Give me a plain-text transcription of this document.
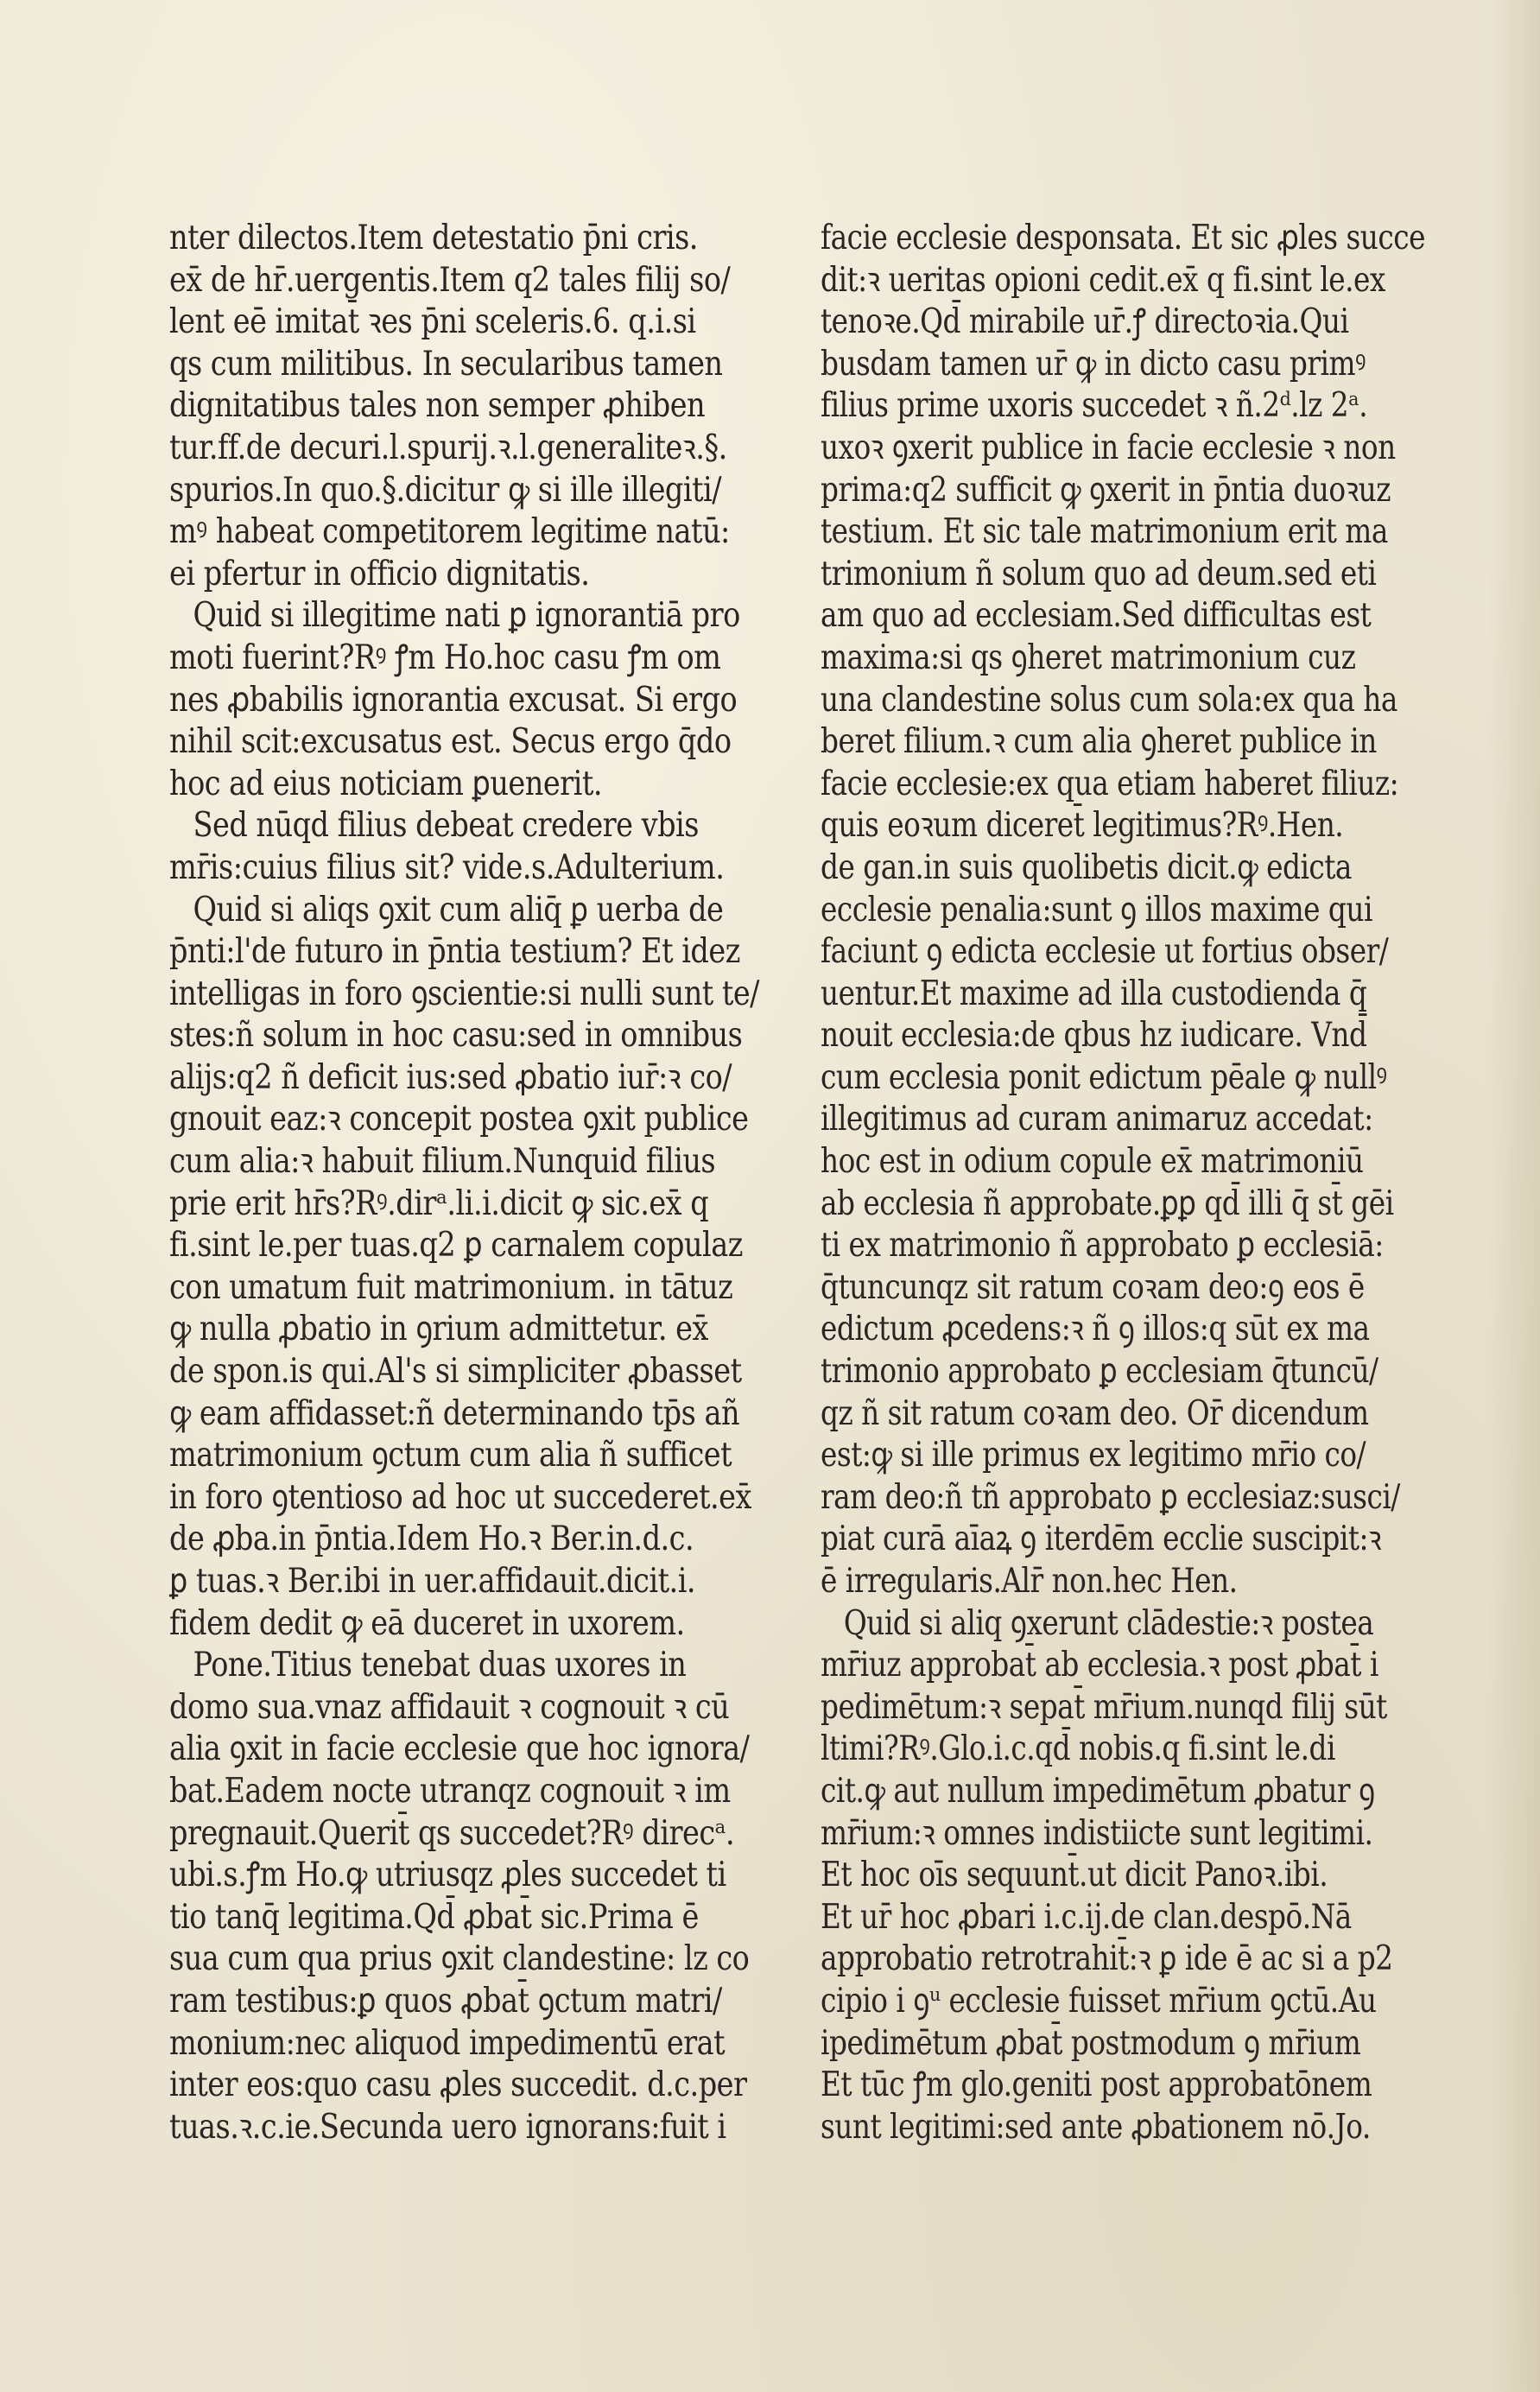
nter dilectos.Item detestatio p̄ni cris.
ex̄ de hr̄.uergentis.Item q2 tales filij so/
lent eē imitat̄ ꝛes p̄ni sceleris.6. q.i.si
qs cum militibus. In secularibus tamen
dignitatibus tales non semper ꝓhiben
tur.ff.de decuri.l.spurij.ꝛ.l.generaliteꝛ.§.
spurios.In quo.§.dicitur ꝙ si ille illegiti/
mꝰ habeat competitorem legitime natū:
ei pfertur in officio dignitatis.
Quid si illegitime nati ꝑ ignorantiā pro
moti fuerint?Rꝰ ꝭm Ho.hoc casu ꝭm om
nes ꝓbabilis ignorantia excusat. Si ergo
nihil scit:excusatus est. Secus ergo q̄do
hoc ad eius noticiam ꝑuenerit.
Sed nūqd filius debeat credere vbis
mr̄is:cuius filius sit? vide.s.Adulterium.
Quid si aliqs ꝯxit cum aliq̄ ꝑ uerba de
p̄nti:l'de futuro in p̄ntia testium? Et idez
intelligas in foro ꝯscientie:si nulli sunt te/
stes:ñ solum in hoc casu:sed in omnibus
alijs:q2 ñ deficit ius:sed ꝓbatio iur̄:ꝛ co/
gnouit eaz:ꝛ concepit postea ꝯxit publice
cum alia:ꝛ habuit filium.Nunquid filius
prie erit hr̄s?Rꝰ.dirᵃ.li.i.dicit ꝙ sic.ex̄ q
fi.sint le.per tuas.q2 ꝑ carnalem copulaz
con umatum fuit matrimonium. in tātuz
ꝙ nulla ꝓbatio in ꝯrium admittetur. ex̄
de spon.is qui.Al's si simpliciter ꝓbasset
ꝙ eam affidasset:ñ determinando tp̄s añ
matrimonium ꝯctum cum alia ñ sufficet
in foro ꝯtentioso ad hoc ut succederet.ex̄
de ꝓba.in p̄ntia.Idem Ho.ꝛ Ber.in.d.c.
ꝑ tuas.ꝛ Ber.ibi in uer.affidauit.dicit.i.
fidem dedit ꝙ eā duceret in uxorem.
Pone.Titius tenebat duas uxores in
domo sua.vnaz affidauit ꝛ cognouit ꝛ cū
alia ꝯxit in facie ecclesie que hoc ignora/
bat.Eadem nocte utranqz cognouit ꝛ im
pregnauit.Querit̄ qs succedet?Rꝰ direcᵃ.
ubi.s.ꝭm Ho.ꝙ utriusqz ꝓles succedet ti
tio tanq̄ legitima.Qd̄ ꝓbat̄ sic.Prima ē
sua cum qua prius ꝯxit clandestine: lz co
ram testibus:ꝑ quos ꝓbat̄ ꝯctum matri/
monium:nec aliquod impedimentū erat
inter eos:quo casu ꝓles succedit. d.c.per
tuas.ꝛ.c.ie.Secunda uero ignorans:fuit i
facie ecclesie desponsata. Et sic ꝓles succe
dit:ꝛ ueritas opioni cedit.ex̄ q fi.sint le.ex
tenoꝛe.Qd̄ mirabile ur̄.ꝭ directoꝛia.Qui
busdam tamen ur̄ ꝙ in dicto casu primꝰ
filius prime uxoris succedet ꝛ ñ.2ᵈ.lz 2ᵃ.
uxoꝛ ꝯxerit publice in facie ecclesie ꝛ non
prima:q2 sufficit ꝙ ꝯxerit in p̄ntia duoꝛuz
testium. Et sic tale matrimonium erit ma
trimonium ñ solum quo ad deum.sed eti
am quo ad ecclesiam.Sed difficultas est
maxima:si qs ꝯheret matrimonium cuz
una clandestine solus cum sola:ex qua ha
beret filium.ꝛ cum alia ꝯheret publice in
facie ecclesie:ex qua etiam haberet filiuz:
quis eoꝛum diceret̄ legitimus?Rꝰ.Hen.
de gan.in suis quolibetis dicit.ꝙ edicta
ecclesie penalia:sunt ꝯ illos maxime qui
faciunt ꝯ edicta ecclesie ut fortius obser/
uentur.Et maxime ad illa custodienda q̄
nouit ecclesia:de qbus hz iudicare. Vnd̄
cum ecclesia ponit edictum pēale ꝙ nullꝰ
illegitimus ad curam animaruz accedat:
hoc est in odium copule ex̄ matrimoniū
ab ecclesia ñ approbate.ꝑꝑ qd̄ illi q̄ st̄ gēi
ti ex matrimonio ñ approbato ꝑ ecclesiā:
q̄tuncunqz sit ratum coꝛam deo:ꝯ eos ē
edictum ꝓcedens:ꝛ ñ ꝯ illos:q sūt ex ma
trimonio approbato ꝑ ecclesiam q̄tuncū/
qz ñ sit ratum coꝛam deo. Or̄ dicendum
est:ꝙ si ille primus ex legitimo mr̄io co/
ram deo:ñ tñ approbato ꝑ ecclesiaz:susci/
piat curā aīaꝝ ꝯ iterdēm ecclie suscipit:ꝛ
ē irregularis.Alr̄ non.hec Hen.
Quid si aliq ꝯxerunt clādestie:ꝛ postea
mr̄iuz approbat̄ ab ecclesia.ꝛ post ꝓbat̄ i
pedimētum:ꝛ sepat̄ mr̄ium.nunqd filij sūt
ltimi?Rꝰ.Glo.i.c.qd̄ nobis.q fi.sint le.di
cit.ꝙ aut nullum impedimētum ꝓbatur ꝯ
mr̄ium:ꝛ omnes indistiicte sunt legitimi.
Et hoc oīs sequunt̄.ut dicit Panoꝛ.ibi.
Et ur̄ hoc ꝓbari i.c.ij.de clan.despō.Nā
approbatio retrotrahit̄:ꝛ ꝑ ide ē ac si a p2
cipio i ꝯᵘ ecclesie fuisset mr̄ium ꝯctū.Au
ipedimētum ꝓbat̄ postmodum ꝯ mr̄ium
Et tūc ꝭm glo.geniti post approbatōnem
sunt legitimi:sed ante ꝓbationem nō.Jo.
